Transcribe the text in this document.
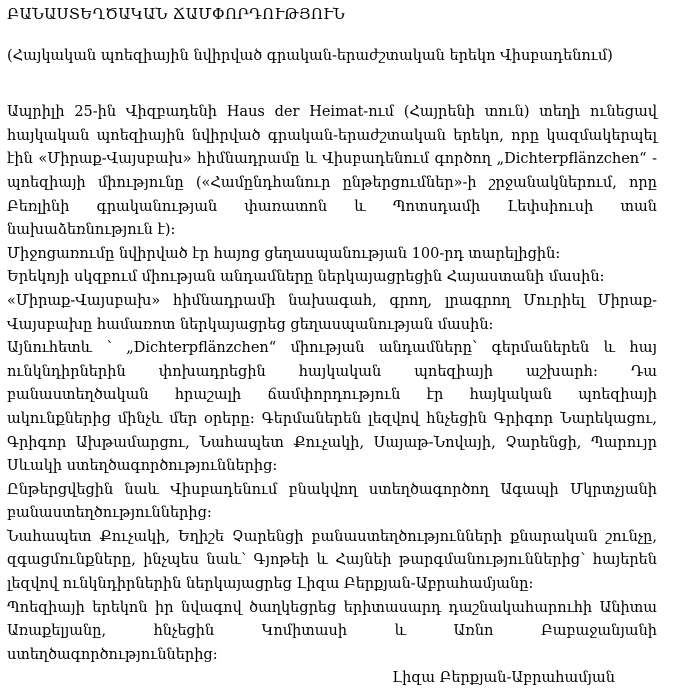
ԲԱՆԱՍՏԵՂԾԱԿԱՆ ՃԱՄՓՈՐԴՈՒԹՅՈՒՆ

(Հայկական պոեզիային նվիրված գրական-երաժշտական երեկո Վիսբադենում)

Ապրիլի 25-ին Վիզբադենի Haus der Heimat-ում (Հայրենի տուն) տեղի ունեցավ հայկական պոեզիային նվիրված գրական-երաժշտական երեկո, որը կազմակերպել էին «Միրաք-Վայսբախ» հիմնադրամը և Վիսբադենում գործող „Dichterpflänzchen“ - պոեզիայի միությունը («Համընդհանուր ընթերցումներ»-ի շրջանակներում, որը Բեռլինի գրականության փառատոն և Պոտսդամի Լեփսիուսի տան նախաձեռնություն է)։

Միջոցառումը նվիրված էր հայոց ցեղասպանության 100-րդ տարելիցին։

Երեկոյի սկզբում միության անդամները ներկայացրեցին Հայաստանի մասին։

«Միրաք-Վայսբախ» հիմնադրամի նախագահ, գրող, լրագրող Մուրիել Միրաք-Վայսբախը համառոտ ներկայացրեց ցեղասպանության մասին։

Այնուհետև ՝ „Dichterpflänzchen“ միության անդամները՝ գերմաներեն և հայ ունկնդիրներին փոխադրեցին հայկական պոեզիայի աշխարհ։ Դա բանաստեղծական հրաշալի ճամփորդություն էր հայկական պոեզիայի ակունքներից մինչև մեր օրերը։ Գերմաներեն լեզվով հնչեցին Գրիգոր Նարեկացու, Գրիգոր Ախթամարցու, Նահապետ Քուչակի, Սայաթ-Նովայի, Չարենցի, Պարույր Սևակի ստեղծագործություններից։

Ընթերցվեցին նաև Վիսբադենում բնակվող ստեղծագործող Ագապի Մկրտչյանի բանաստեղծություններից։

Նահապետ Քուչակի, Եղիշե Չարենցի բանաստեղծությունների քնարական շունչը, զգացմունքները, ինչպես նաև՝ Գյոթեի և Հայնեի թարգմանություններից՝ հայերեն լեզվով ունկնդիրներին ներկայացրեց Լիզա Բերքյան-Աբրահամյանը։

Պոեզիայի երեկոն իր նվագով ծաղկեցրեց երիտասարդ դաշնակահարուհի Անիտա Առաքելյանը, հնչեցին Կոմիտասի և Առնո Բաբաջանյանի ստեղծագործություններից։

Լիզա Բերքյան-Աբրահամյան
